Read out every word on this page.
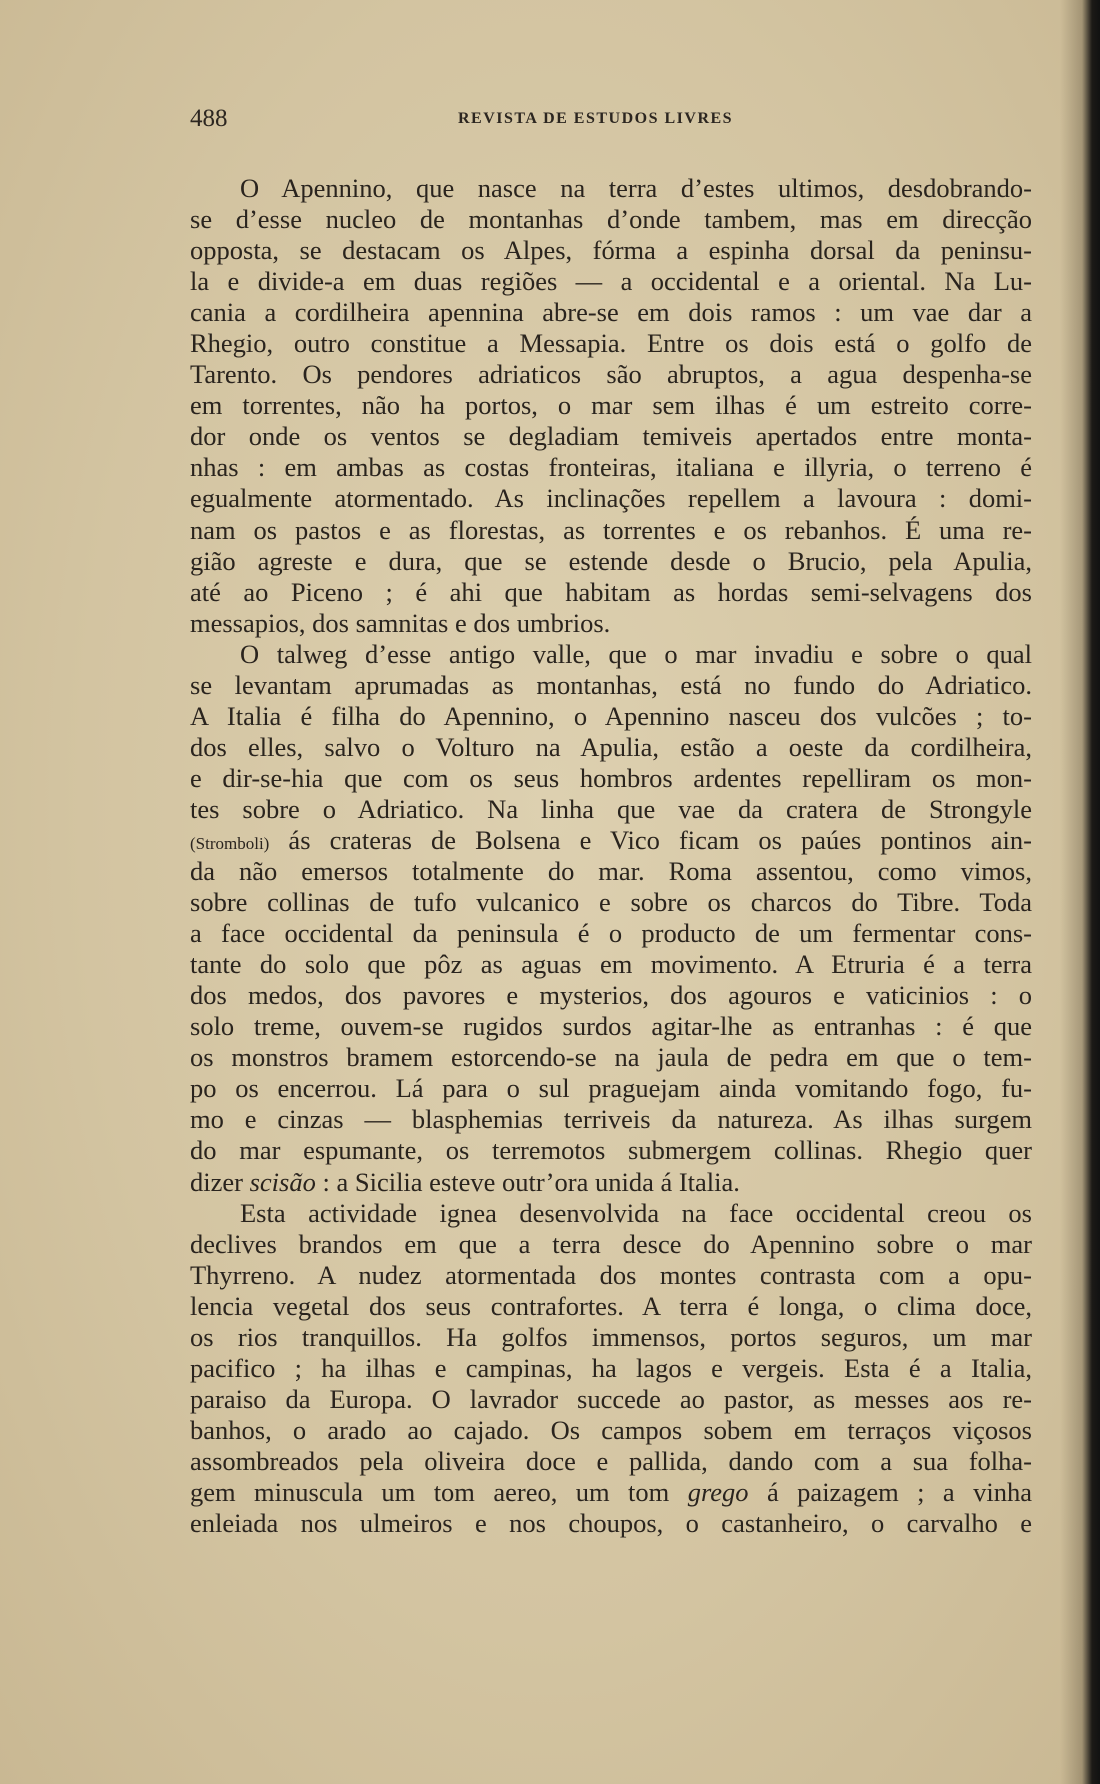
488	REVISTA DE ESTUDOS LIVRES
O Apennino, que nasce na terra d’estes ultimos, desdobrando-
se d’esse nucleo de montanhas d’onde tambem, mas em direcção
opposta, se destacam os Alpes, fórma a espinha dorsal da peninsu-
la e divide-a em duas regiões — a occidental e a oriental. Na Lu-
cania a cordilheira apennina abre-se em dois ramos : um vae dar a
Rhegio, outro constitue a Messapia. Entre os dois está o golfo de
Tarento. Os pendores adriaticos são abruptos, a agua despenha-se
em torrentes, não ha portos, o mar sem ilhas é um estreito corre-
dor onde os ventos se degladiam temiveis apertados entre monta-
nhas : em ambas as costas fronteiras, italiana e illyria, o terreno é
egualmente atormentado. As inclinações repellem a lavoura : domi-
nam os pastos e as florestas, as torrentes e os rebanhos. É uma re-
gião agreste e dura, que se estende desde o Brucio, pela Apulia,
até ao Piceno ; é ahi que habitam as hordas semi-selvagens dos
messapios, dos samnitas e dos umbrios.
O talweg d’esse antigo valle, que o mar invadiu e sobre o qual
se levantam aprumadas as montanhas, está no fundo do Adriatico.
A Italia é filha do Apennino, o Apennino nasceu dos vulcões ; to-
dos elles, salvo o Volturo na Apulia, estão a oeste da cordilheira,
e dir-se-hia que com os seus hombros ardentes repelliram os mon-
tes sobre o Adriatico. Na linha que vae da cratera de Strongyle
(Stromboli) ás crateras de Bolsena e Vico ficam os paúes pontinos ain-
da não emersos totalmente do mar. Roma assentou, como vimos,
sobre collinas de tufo vulcanico e sobre os charcos do Tibre. Toda
a face occidental da peninsula é o producto de um fermentar cons-
tante do solo que pôz as aguas em movimento. A Etruria é a terra
dos medos, dos pavores e mysterios, dos agouros e vaticinios : o
solo treme, ouvem-se rugidos surdos agitar-lhe as entranhas : é que
os monstros bramem estorcendo-se na jaula de pedra em que o tem-
po os encerrou. Lá para o sul praguejam ainda vomitando fogo, fu-
mo e cinzas — blasphemias terriveis da natureza. As ilhas surgem
do mar espumante, os terremotos submergem collinas. Rhegio quer
dizer scisão : a Sicilia esteve outr’ora unida á Italia.
Esta actividade ignea desenvolvida na face occidental creou os
declives brandos em que a terra desce do Apennino sobre o mar
Thyrreno. A nudez atormentada dos montes contrasta com a opu-
lencia vegetal dos seus contrafortes. A terra é longa, o clima doce,
os rios tranquillos. Ha golfos immensos, portos seguros, um mar
pacifico ; ha ilhas e campinas, ha lagos e vergeis. Esta é a Italia,
paraiso da Europa. O lavrador succede ao pastor, as messes aos re-
banhos, o arado ao cajado. Os campos sobem em terraços viçosos
assombreados pela oliveira doce e pallida, dando com a sua folha-
gem minuscula um tom aereo, um tom grego á paizagem ; a vinha
enleiada nos ulmeiros e nos choupos, o castanheiro, o carvalho e
